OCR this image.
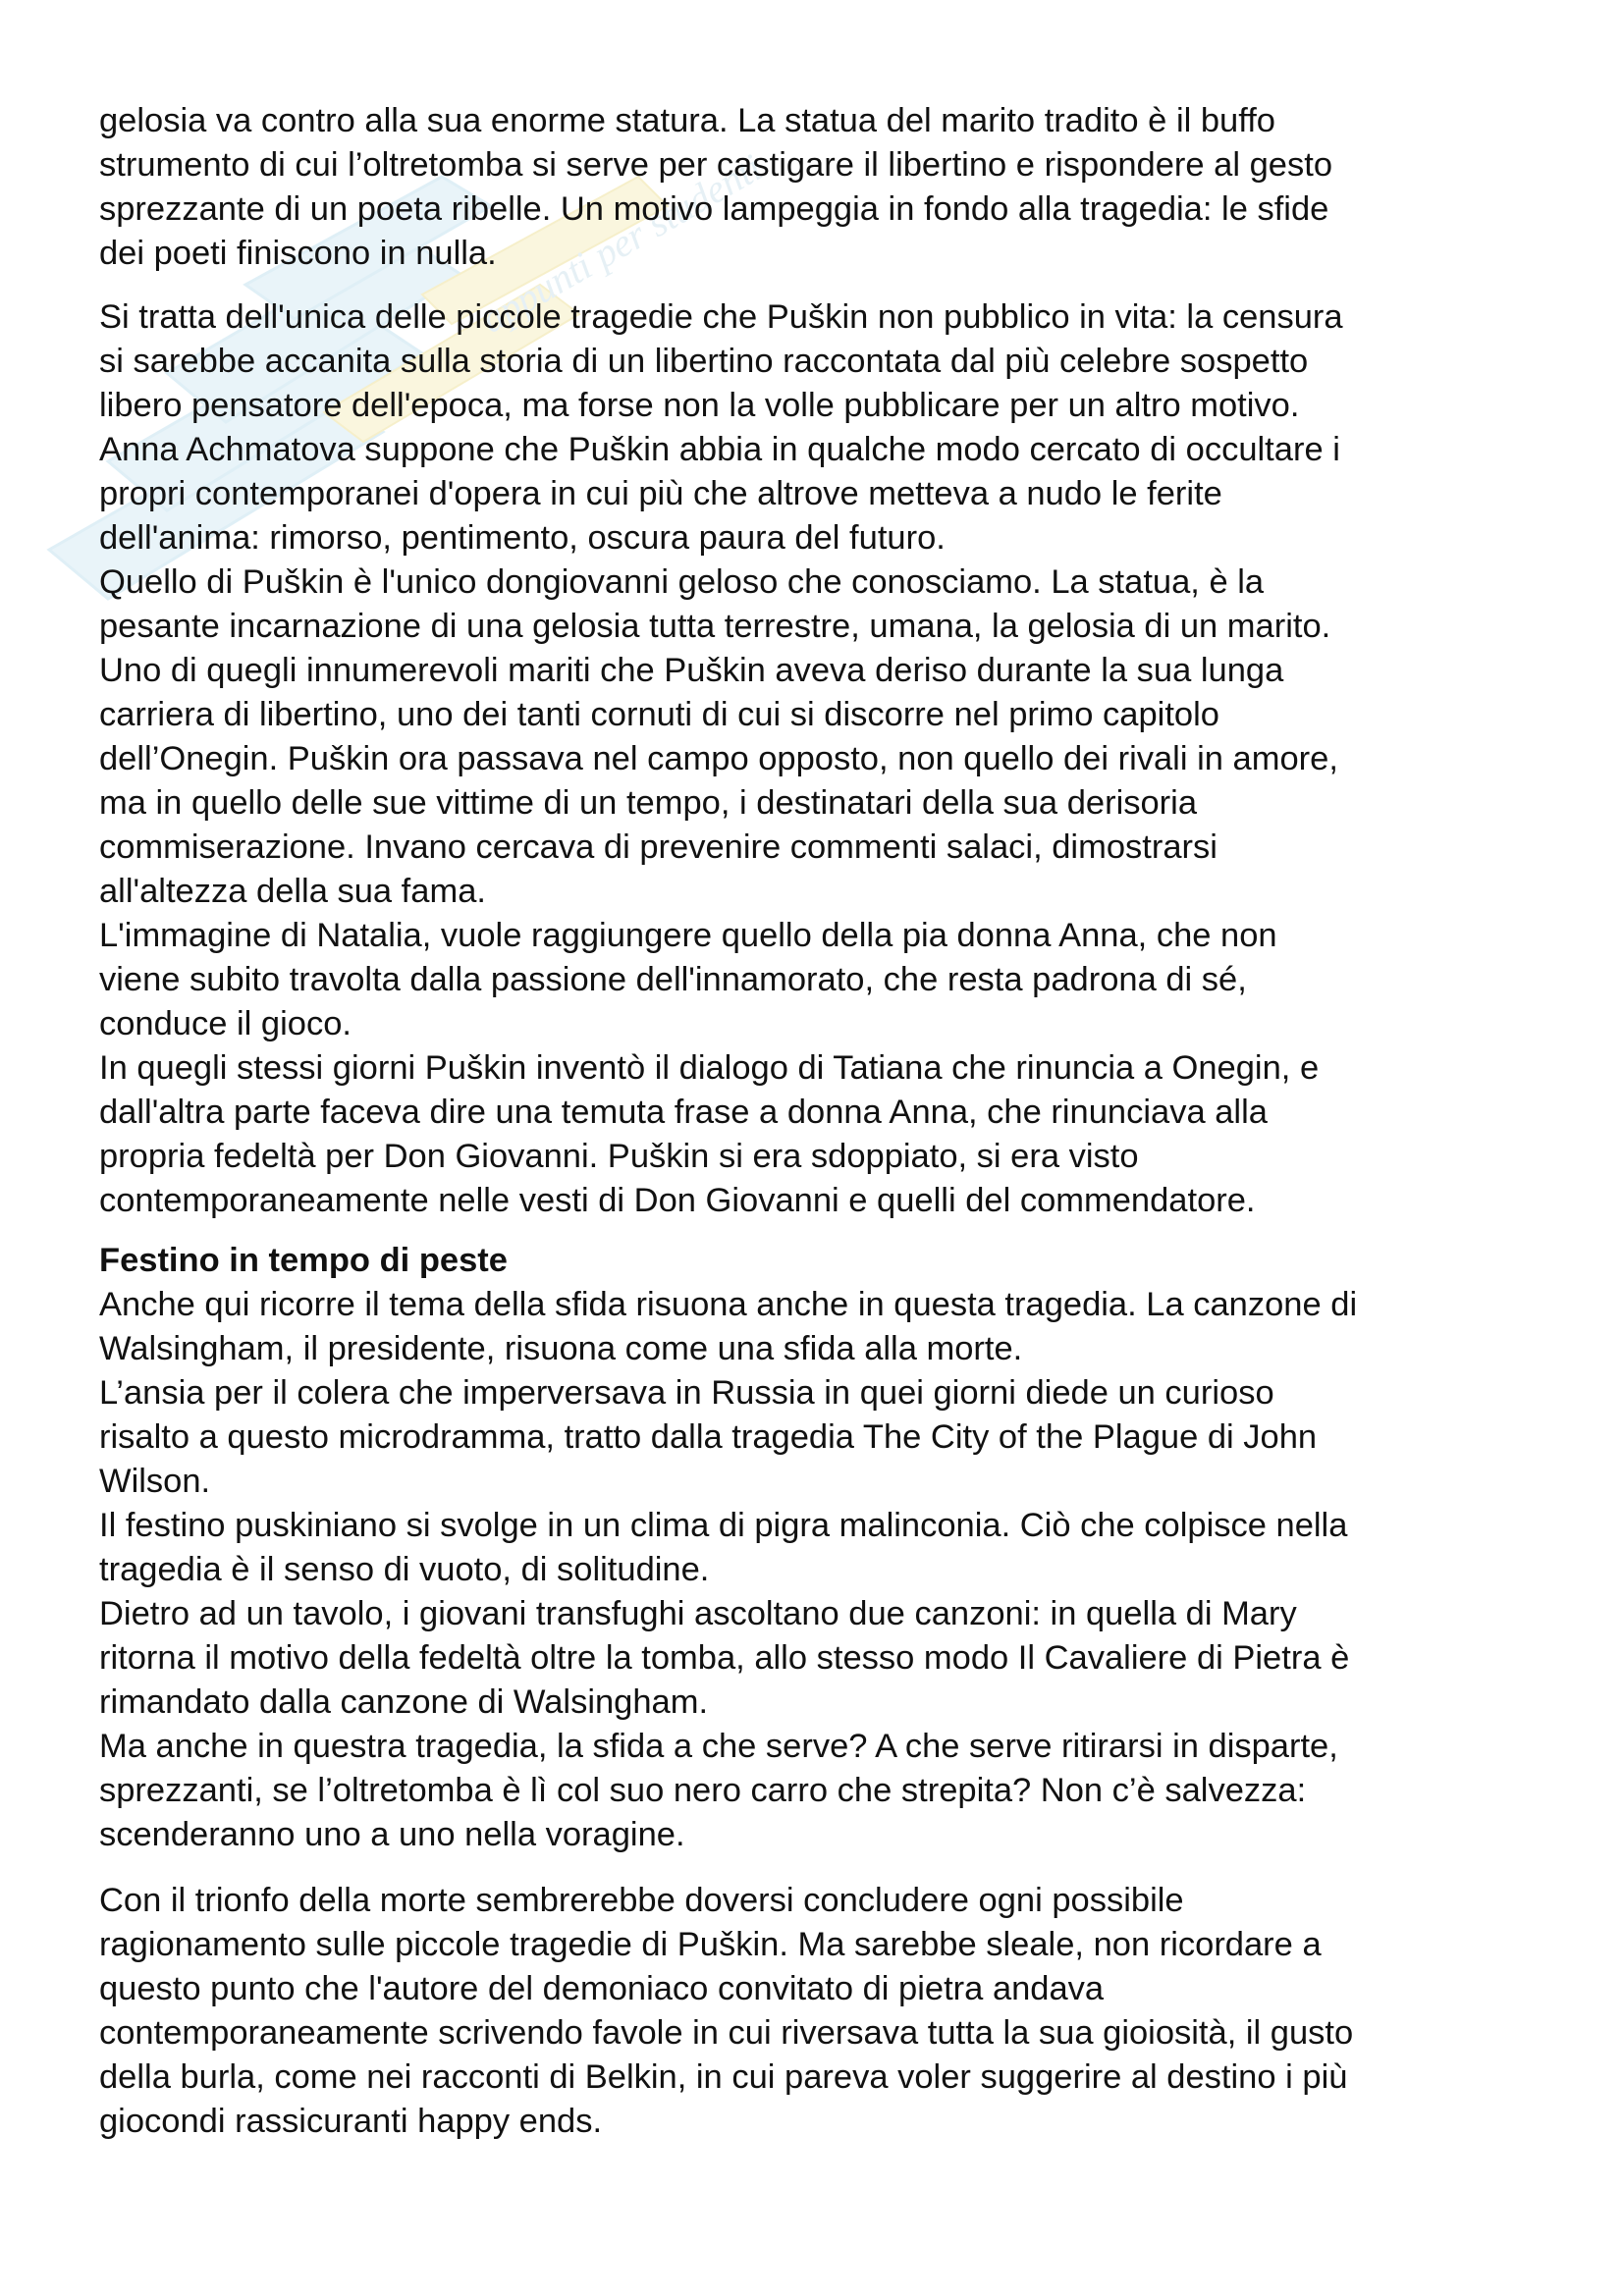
appunti per studenti
gelosia va contro alla sua enorme statura. La statua del marito tradito è il buffo
strumento di cui l’oltretomba si serve per castigare il libertino e rispondere al gesto
sprezzante di un poeta ribelle. Un motivo lampeggia in fondo alla tragedia: le sfide
dei poeti finiscono in nulla.
Si tratta dell'unica delle piccole tragedie che Puškin non pubblico in vita: la censura
si sarebbe accanita sulla storia di un libertino raccontata dal più celebre sospetto
libero pensatore dell'epoca, ma forse non la volle pubblicare per un altro motivo.
Anna Achmatova suppone che Puškin abbia in qualche modo cercato di occultare i
propri contemporanei d'opera in cui più che altrove metteva a nudo le ferite
dell'anima: rimorso, pentimento, oscura paura del futuro.
Quello di Puškin è l'unico dongiovanni geloso che conosciamo. La statua, è la
pesante incarnazione di una gelosia tutta terrestre, umana, la gelosia di un marito.
Uno di quegli innumerevoli mariti che Puškin aveva deriso durante la sua lunga
carriera di libertino, uno dei tanti cornuti di cui si discorre nel primo capitolo
dell’Onegin. Puškin ora passava nel campo opposto, non quello dei rivali in amore,
ma in quello delle sue vittime di un tempo, i destinatari della sua derisoria
commiserazione. Invano cercava di prevenire commenti salaci, dimostrarsi
all'altezza della sua fama.
L'immagine di Natalia, vuole raggiungere quello della pia donna Anna, che non
viene subito travolta dalla passione dell'innamorato, che resta padrona di sé,
conduce il gioco.
In quegli stessi giorni Puškin inventò il dialogo di Tatiana che rinuncia a Onegin, e
dall'altra parte faceva dire una temuta frase a donna Anna, che rinunciava alla
propria fedeltà per Don Giovanni. Puškin si era sdoppiato, si era visto
contemporaneamente nelle vesti di Don Giovanni e quelli del commendatore.
Festino in tempo di peste
Anche qui ricorre il tema della sfida risuona anche in questa tragedia. La canzone di
Walsingham, il presidente, risuona come una sfida alla morte.
L’ansia per il colera che imperversava in Russia in quei giorni diede un curioso
risalto a questo microdramma, tratto dalla tragedia The City of the Plague di John
Wilson.
Il festino puskiniano si svolge in un clima di pigra malinconia. Ciò che colpisce nella
tragedia è il senso di vuoto, di solitudine.
Dietro ad un tavolo, i giovani transfughi ascoltano due canzoni: in quella di Mary
ritorna il motivo della fedeltà oltre la tomba, allo stesso modo Il Cavaliere di Pietra è
rimandato dalla canzone di Walsingham.
Ma anche in questra tragedia, la sfida a che serve? A che serve ritirarsi in disparte,
sprezzanti, se l’oltretomba è lì col suo nero carro che strepita? Non c’è salvezza:
scenderanno uno a uno nella voragine.
Con il trionfo della morte sembrerebbe doversi concludere ogni possibile
ragionamento sulle piccole tragedie di Puškin. Ma sarebbe sleale, non ricordare a
questo punto che l'autore del demoniaco convitato di pietra andava
contemporaneamente scrivendo favole in cui riversava tutta la sua gioiosità, il gusto
della burla, come nei racconti di Belkin, in cui pareva voler suggerire al destino i più
giocondi rassicuranti happy ends.
